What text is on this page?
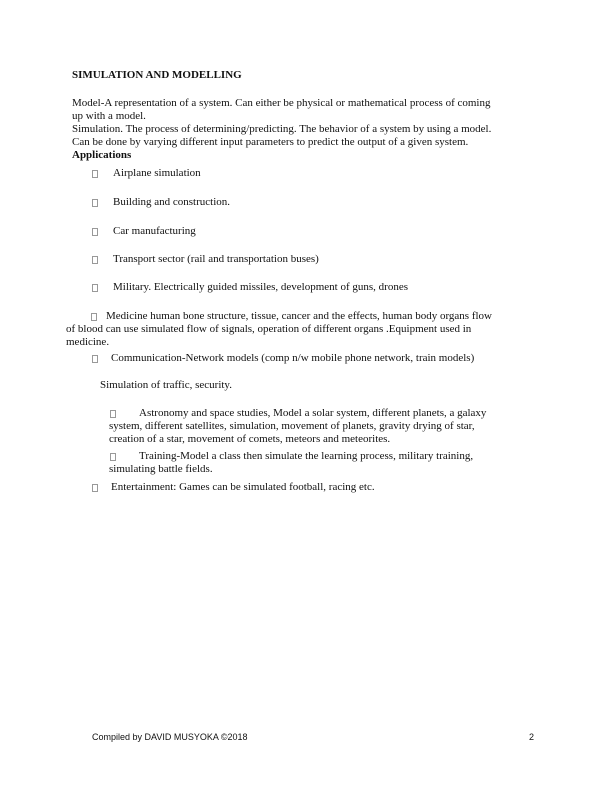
SIMULATION AND MODELLING
Model-A representation of a system. Can either be physical or mathematical process of coming
up with a model.
Simulation. The process of determining/predicting. The behavior of a system by using a model.
Can be done by varying different input parameters to predict the output of a given system.
Applications
Airplane simulation
Building and construction.
Car manufacturing
Transport sector (rail and transportation buses)
Military. Electrically guided missiles, development of guns, drones
Medicine human bone structure, tissue, cancer and the effects, human body organs flow
of blood can use simulated flow of signals, operation of different organs .Equipment used in
medicine.
Communication-Network models (comp n/w mobile phone network, train models)
Simulation of traffic, security.
Astronomy and space studies, Model a solar system, different planets, a galaxy
system, different satellites, simulation, movement of planets, gravity drying of star,
creation of a star, movement of comets, meteors and meteorites.
Training-Model a class then simulate the learning process, military training,
simulating battle fields.
Entertainment: Games can be simulated football, racing etc.
Compiled by DAVID MUSYOKA ©2018	2
